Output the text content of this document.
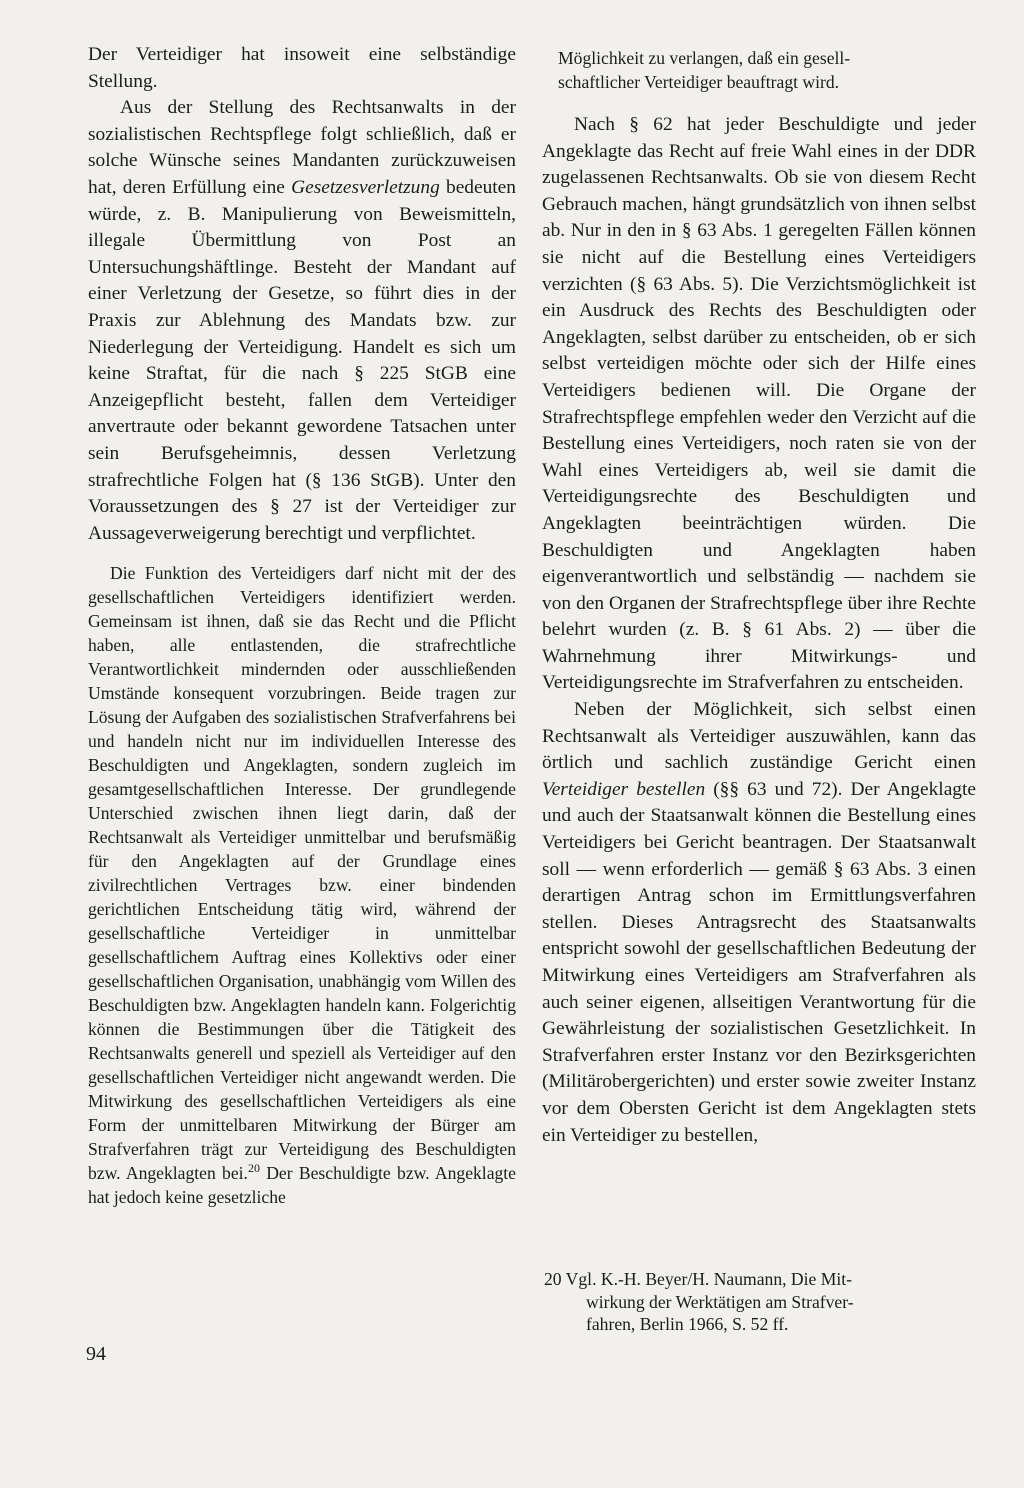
Der Verteidiger hat insoweit eine selbständige Stellung.

Aus der Stellung des Rechtsanwalts in der sozialistischen Rechtspflege folgt schließlich, daß er solche Wünsche seines Mandanten zurückzuweisen hat, deren Erfüllung eine Gesetzesverletzung bedeuten würde, z. B. Manipulierung von Beweismitteln, illegale Übermittlung von Post an Untersuchungshäftlinge. Besteht der Mandant auf einer Verletzung der Gesetze, so führt dies in der Praxis zur Ablehnung des Mandats bzw. zur Niederlegung der Verteidigung. Handelt es sich um keine Straftat, für die nach § 225 StGB eine Anzeigepflicht besteht, fallen dem Verteidiger anvertraute oder bekannt gewordene Tatsachen unter sein Berufsgeheimnis, dessen Verletzung strafrechtliche Folgen hat (§ 136 StGB). Unter den Voraussetzungen des § 27 ist der Verteidiger zur Aussageverweigerung berechtigt und verpflichtet.

Die Funktion des Verteidigers darf nicht mit der des gesellschaftlichen Verteidigers identifiziert werden. Gemeinsam ist ihnen, daß sie das Recht und die Pflicht haben, alle entlastenden, die strafrechtliche Verantwortlichkeit mindernden oder ausschließenden Umstände konsequent vorzubringen. Beide tragen zur Lösung der Aufgaben des sozialistischen Strafverfahrens bei und handeln nicht nur im individuellen Interesse des Beschuldigten und Angeklagten, sondern zugleich im gesamtgesellschaftlichen Interesse. Der grundlegende Unterschied zwischen ihnen liegt darin, daß der Rechtsanwalt als Verteidiger unmittelbar und berufsmäßig für den Angeklagten auf der Grundlage eines zivilrechtlichen Vertrages bzw. einer bindenden gerichtlichen Entscheidung tätig wird, während der gesellschaftliche Verteidiger in unmittelbar gesellschaftlichem Auftrag eines Kollektivs oder einer gesellschaftlichen Organisation, unabhängig vom Willen des Beschuldigten bzw. Angeklagten handeln kann. Folgerichtig können die Bestimmungen über die Tätigkeit des Rechtsanwalts generell und speziell als Verteidiger auf den gesellschaftlichen Verteidiger nicht angewandt werden. Die Mitwirkung des gesellschaftlichen Verteidigers als eine Form der unmittelbaren Mitwirkung der Bürger am Strafverfahren trägt zur Verteidigung des Beschuldigten bzw. Angeklagten bei.$^{20}$ Der Beschuldigte bzw. Angeklagte hat jedoch keine gesetzliche

Möglichkeit zu verlangen, daß ein gesell-
schaftlicher Verteidiger beauftragt wird.

Nach § 62 hat jeder Beschuldigte und jeder Angeklagte das Recht auf freie Wahl eines in der DDR zugelassenen Rechtsanwalts. Ob sie von diesem Recht Gebrauch machen, hängt grundsätzlich von ihnen selbst ab. Nur in den in § 63 Abs. 1 geregelten Fällen können sie nicht auf die Bestellung eines Verteidigers verzichten (§ 63 Abs. 5). Die Verzichtsmöglichkeit ist ein Ausdruck des Rechts des Beschuldigten oder Angeklagten, selbst darüber zu entscheiden, ob er sich selbst verteidigen möchte oder sich der Hilfe eines Verteidigers bedienen will. Die Organe der Strafrechtspflege empfehlen weder den Verzicht auf die Bestellung eines Verteidigers, noch raten sie von der Wahl eines Verteidigers ab, weil sie damit die Verteidigungsrechte des Beschuldigten und Angeklagten beeinträchtigen würden. Die Beschuldigten und Angeklagten haben eigenverantwortlich und selbständig — nachdem sie von den Organen der Strafrechtspflege über ihre Rechte belehrt wurden (z. B. § 61 Abs. 2) — über die Wahrnehmung ihrer Mitwirkungs- und Verteidigungsrechte im Strafverfahren zu entscheiden.

Neben der Möglichkeit, sich selbst einen Rechtsanwalt als Verteidiger auszuwählen, kann das örtlich und sachlich zuständige Gericht einen Verteidiger bestellen (§§ 63 und 72). Der Angeklagte und auch der Staatsanwalt können die Bestellung eines Verteidigers bei Gericht beantragen. Der Staatsanwalt soll — wenn erforderlich — gemäß § 63 Abs. 3 einen derartigen Antrag schon im Ermittlungsverfahren stellen. Dieses Antragsrecht des Staatsanwalts entspricht sowohl der gesellschaftlichen Bedeutung der Mitwirkung eines Verteidigers am Strafverfahren als auch seiner eigenen, allseitigen Verantwortung für die Gewährleistung der sozialistischen Gesetzlichkeit. In Strafverfahren erster Instanz vor den Bezirksgerichten (Militärobergerichten) und erster sowie zweiter Instanz vor dem Obersten Gericht ist dem Angeklagten stets ein Verteidiger zu bestellen,

20 Vgl. K.-H. Beyer/H. Naumann, Die Mit-

wirkung der Werktätigen am Strafver-

fahren, Berlin 1966, S. 52 ff.

94
